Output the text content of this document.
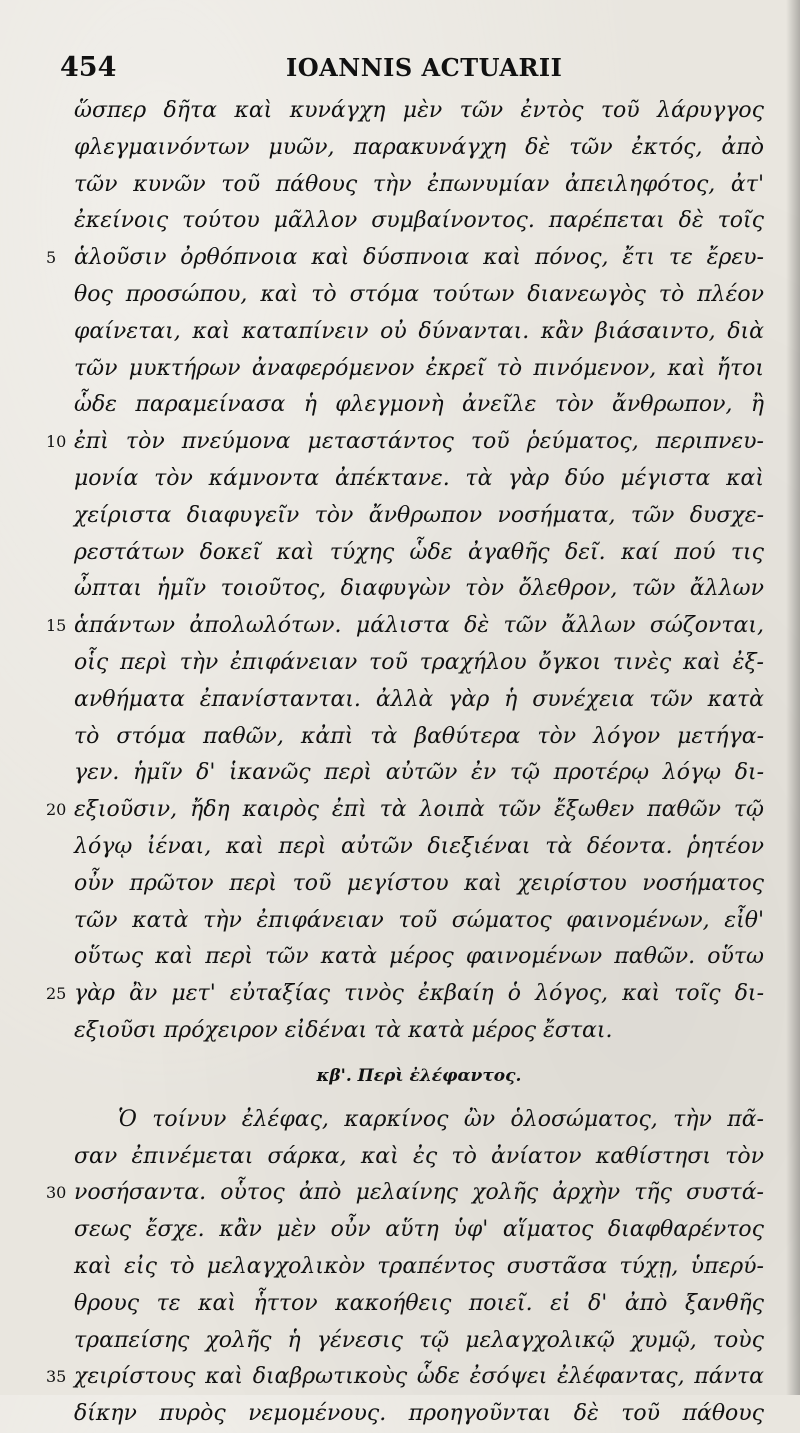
454	IOANNIS ACTUARII
ὥσπερ δῆτα καὶ κυνάγχη μὲν τῶν ἐντὸς τοῦ λάρυγγος
φλεγμαινόντων μυῶν, παρακυνάγχη δὲ τῶν ἐκτός, ἀπὸ
τῶν κυνῶν τοῦ πάθους τὴν ἐπωνυμίαν ἀπειληφότος, ἀτ'
ἐκείνοις τούτου μᾶλλον συμβαίνοντος. παρέπεται δὲ τοῖς
5 ἁλοῦσιν ὀρθόπνοια καὶ δύσπνοια καὶ πόνος, ἔτι τε ἔρευ-
θος προσώπου, καὶ τὸ στόμα τούτων διανεωγὸς τὸ πλέον
φαίνεται, καὶ καταπίνειν οὐ δύνανται. κἂν βιάσαιντο, διὰ
τῶν μυκτήρων ἀναφερόμενον ἐκρεῖ τὸ πινόμενον, καὶ ἤτοι
ὧδε παραμείνασα ἡ φλεγμονὴ ἀνεῖλε τὸν ἄνθρωπον, ἢ
10 ἐπὶ τὸν πνεύμονα μεταστάντος τοῦ ῥεύματος, περιπνευ-
μονία τὸν κάμνοντα ἀπέκτανε. τὰ γὰρ δύο μέγιστα καὶ
χείριστα διαφυγεῖν τὸν ἄνθρωπον νοσήματα, τῶν δυσχε-
ρεστάτων δοκεῖ καὶ τύχης ὧδε ἀγαθῆς δεῖ. καί πού τις
ὦπται ἡμῖν τοιοῦτος, διαφυγὼν τὸν ὄλεθρον, τῶν ἄλλων
15 ἁπάντων ἀπολωλότων. μάλιστα δὲ τῶν ἄλλων σώζονται,
οἷς περὶ τὴν ἐπιφάνειαν τοῦ τραχήλου ὄγκοι τινὲς καὶ ἐξ-
ανθήματα ἐπανίστανται. ἀλλὰ γὰρ ἡ συνέχεια τῶν κατὰ
τὸ στόμα παθῶν, κἀπὶ τὰ βαθύτερα τὸν λόγον μετήγα-
γεν. ἡμῖν δ' ἱκανῶς περὶ αὐτῶν ἐν τῷ προτέρῳ λόγῳ δι-
20 εξιοῦσιν, ἤδη καιρὸς ἐπὶ τὰ λοιπὰ τῶν ἔξωθεν παθῶν τῷ
λόγῳ ἰέναι, καὶ περὶ αὐτῶν διεξιέναι τὰ δέοντα. ῥητέον
οὖν πρῶτον περὶ τοῦ μεγίστου καὶ χειρίστου νοσήματος
τῶν κατὰ τὴν ἐπιφάνειαν τοῦ σώματος φαινομένων, εἶθ'
οὕτως καὶ περὶ τῶν κατὰ μέρος φαινομένων παθῶν. οὕτω
25 γὰρ ἂν μετ' εὐταξίας τινὸς ἐκβαίη ὁ λόγος, καὶ τοῖς δι-
εξιοῦσι πρόχειρον εἰδέναι τὰ κατὰ μέρος ἔσται.
κβ'. Περὶ ἐλέφαντος.
Ὁ τοίνυν ἐλέφας, καρκίνος ὢν ὁλοσώματος, τὴν πᾶ-
σαν ἐπινέμεται σάρκα, καὶ ἐς τὸ ἀνίατον καθίστησι τὸν
30 νοσήσαντα. οὗτος ἀπὸ μελαίνης χολῆς ἀρχὴν τῆς συστά-
σεως ἔσχε. κἂν μὲν οὖν αὕτη ὑφ' αἵματος διαφθαρέντος
καὶ εἰς τὸ μελαγχολικὸν τραπέντος συστᾶσα τύχῃ, ὑπερύ-
θρους τε καὶ ἧττον κακοήθεις ποιεῖ. εἰ δ' ἀπὸ ξανθῆς
τραπείσης χολῆς ἡ γένεσις τῷ μελαγχολικῷ χυμῷ, τοὺς
35 χειρίστους καὶ διαβρωτικοὺς ὧδε ἐσόψει ἐλέφαντας, πάντα
δίκην πυρὸς νεμομένους. προηγοῦνται δὲ τοῦ πάθους
